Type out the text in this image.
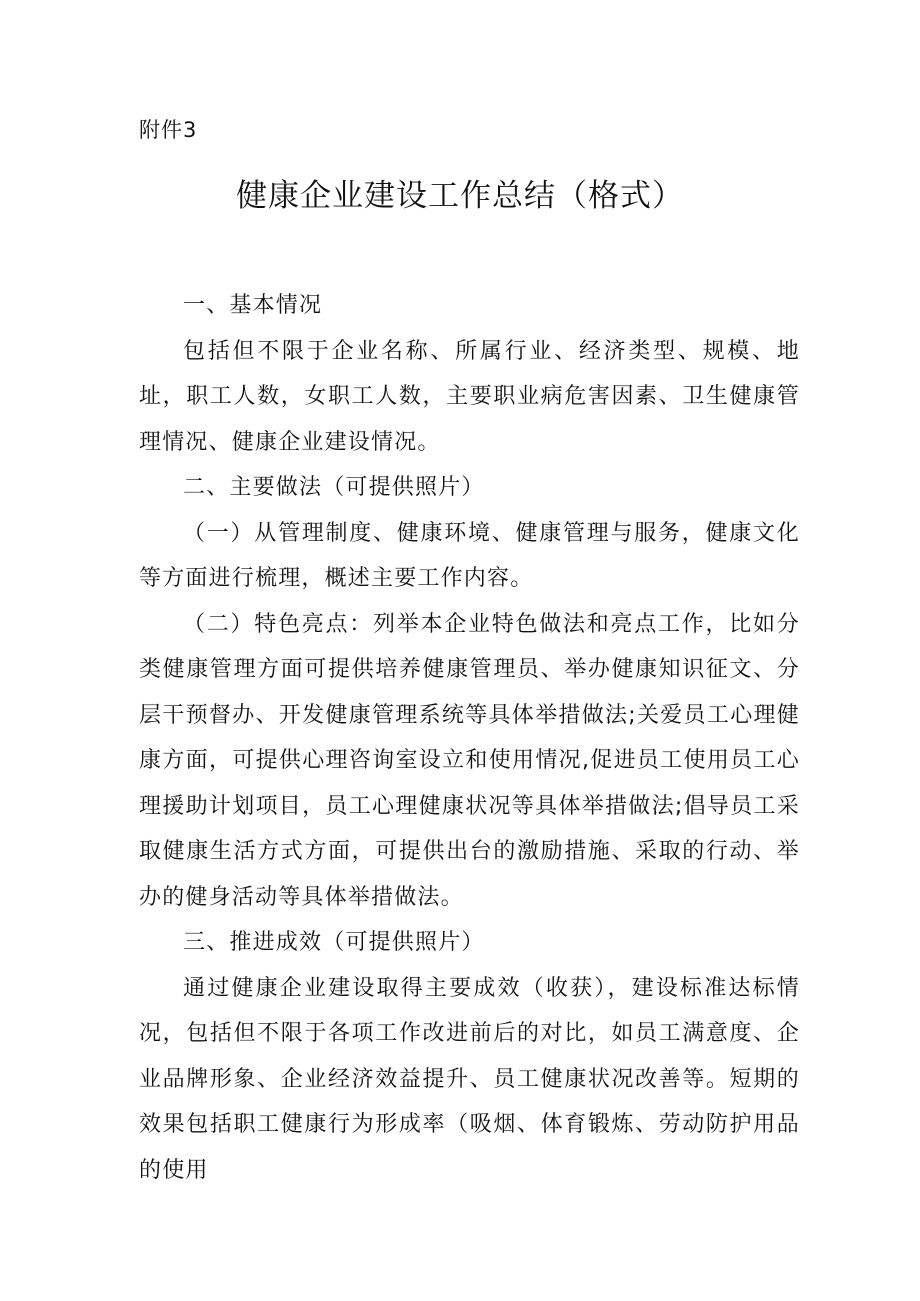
附件3
健康企业建设工作总结（格式）

一、基本情况

包括但不限于企业名称、所属行业、经济类型、规模、地址，职工人数，女职工人数，主要职业病危害因素、卫生健康管理情况、健康企业建设情况。

二、主要做法（可提供照片）

（一）从管理制度、健康环境、健康管理与服务，健康文化等方面进行梳理，概述主要工作内容。

（二）特色亮点：列举本企业特色做法和亮点工作，比如分类健康管理方面可提供培养健康管理员、举办健康知识征文、分层干预督办、开发健康管理系统等具体举措做法;关爱员工心理健康方面，可提供心理咨询室设立和使用情况,促进员工使用员工心理援助计划项目，员工心理健康状况等具体举措做法;倡导员工采取健康生活方式方面，可提供出台的激励措施、采取的行动、举办的健身活动等具体举措做法。

三、推进成效（可提供照片）

通过健康企业建设取得主要成效（收获），建设标准达标情况，包括但不限于各项工作改进前后的对比，如员工满意度、企业品牌形象、企业经济效益提升、员工健康状况改善等。短期的效果包括职工健康行为形成率（吸烟、体育锻炼、劳动防护用品的使用
